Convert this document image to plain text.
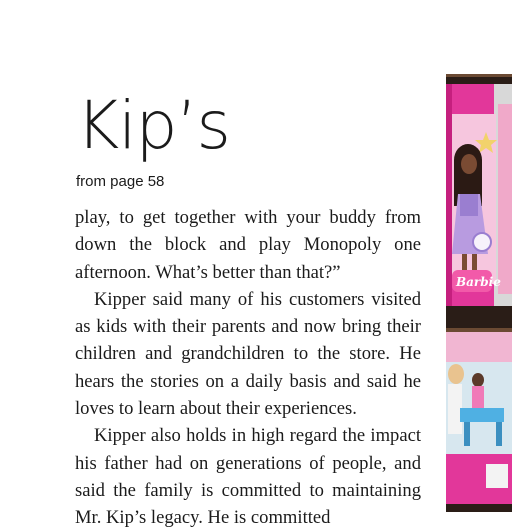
Kip’s
from page 58

play, to get together with your buddy from down the block and play Monopoly one afternoon. What’s better than that?”

Kipper said many of his customers visited as kids with their parents and now bring their children and grandchildren to the store. He hears the stories on a daily basis and said he loves to learn about their experiences.

Kipper also holds in high regard the impact his father had on generations of people, and said the family is committed to maintaining Mr. Kip’s legacy. He is committed

Barbie
